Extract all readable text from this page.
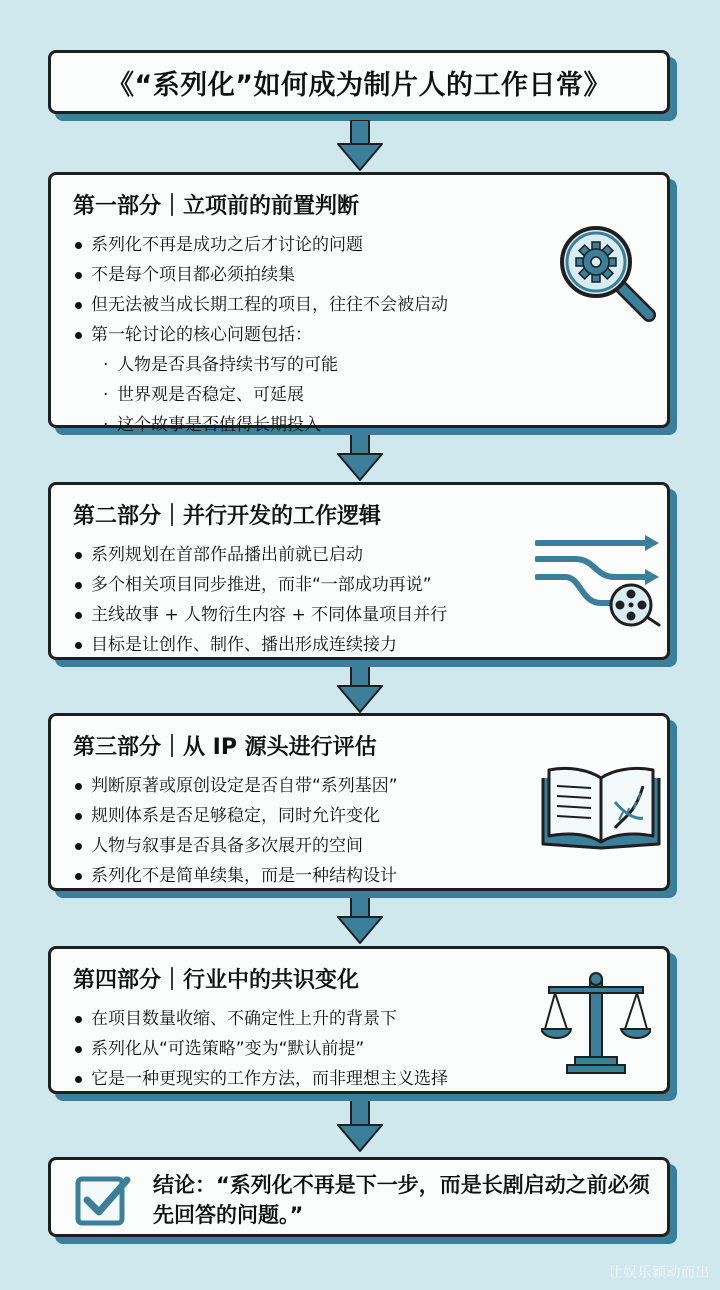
《“系列化”如何成为制片人的工作日常》
第一部分｜立项前的前置判断
系列化不再是成功之后才讨论的问题
不是每个项目都必须拍续集
但无法被当成长期工程的项目，往往不会被启动
第一轮讨论的核心问题包括：
· 人物是否具备持续书写的可能
· 世界观是否稳定、可延展
· 这个故事是否值得长期投入
第二部分｜并行开发的工作逻辑
系列规划在首部作品播出前就已启动
多个相关项目同步推进，而非“一部成功再说”
主线故事 + 人物衍生内容 + 不同体量项目并行
目标是让创作、制作、播出形成连续接力
第三部分｜从 IP 源头进行评估
判断原著或原创设定是否自带“系列基因”
规则体系是否足够稳定，同时允许变化
人物与叙事是否具备多次展开的空间
系列化不是简单续集，而是一种结构设计
第四部分｜行业中的共识变化
在项目数量收缩、不确定性上升的背景下
系列化从“可选策略”变为“默认前提”
它是一种更现实的工作方法，而非理想主义选择
结论：“系列化不再是下一步，而是长剧启动之前必须先回答的问题。”
让娱乐颖动而出
